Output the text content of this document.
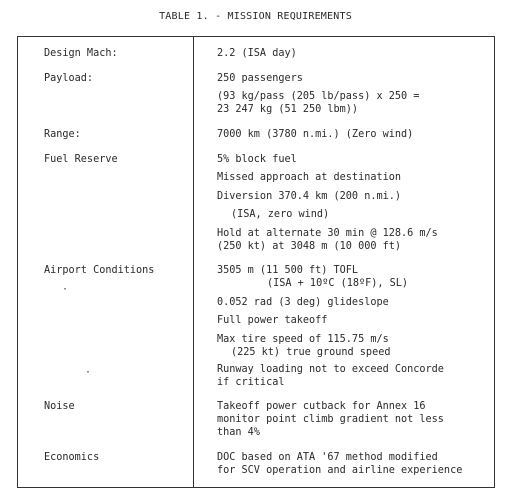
TABLE 1. - MISSION REQUIREMENTS
Design Mach:	2.2 (ISA day)
Payload:	250 passengers
(93 kg/pass (205 lb/pass) x 250 =
23 247 kg (51 250 lbm))
Range:	7000 km (3780 n.mi.) (Zero wind)
Fuel Reserve	5% block fuel
Missed approach at destination
Diversion 370.4 km (200 n.mi.)
(ISA, zero wind)
Hold at alternate 30 min @ 128.6 m/s
(250 kt) at 3048 m (10 000 ft)
Airport Conditions	3505 m (11 500 ft) TOFL
(ISA + 10ºC (18ºF), SL)
0.052 rad (3 deg) glideslope
Full power takeoff
Max tire speed of 115.75 m/s
(225 kt) true ground speed
Runway loading not to exceed Concorde
if critical
Noise	Takeoff power cutback for Annex 16
monitor point climb gradient not less
than 4%
Economics	DOC based on ATA '67 method modified
for SCV operation and airline experience
·
·
